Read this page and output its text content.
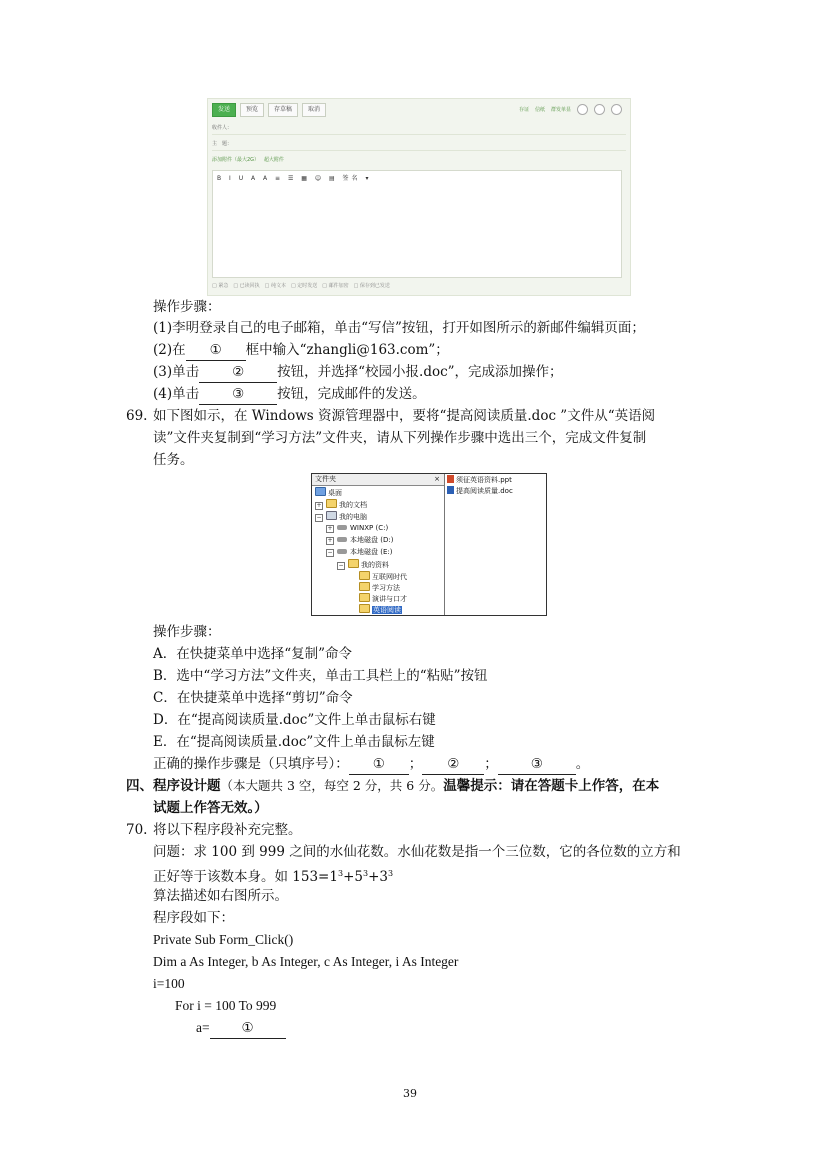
发送	预览	存草稿	取消	存证 信纸 群发单显
收件人：
主　题：
添加附件（最大2G） 超大附件
B I U A A ≡ ☰ ▦ ☺ ▤ 签名 ▾
□ 紧急　□ 已读回执　□ 纯文本　□ 定时发送　□ 邮件加密　□ 保存到已发送
操作步骤：
(1)李明登录自己的电子邮箱，单击“写信”按钮，打开如图所示的新邮件编辑页面；
(2)在 ① 框中输入“zhangli@163.com”；
(3)单击 ② 按钮，并选择“校园小报.doc”，完成添加操作；
(4)单击 ③ 按钮，完成邮件的发送。
69. 如下图如示，在 Windows 资源管理器中，要将“提高阅读质量.doc ”文件从“英语阅
读”文件夹复制到“学习方法”文件夹，请从下列操作步骤中选出三个，完成文件复制
任务。
文件夹	×
桌面
+ 我的文档
− 我的电脑
+ WINXP (C:)
+ 本地磁盘 (D:)
− 本地磁盘 (E:)
− 我的资料
互联网时代
学习方法
演讲与口才
英语阅读
须征英语资料.ppt
提高阅读质量.doc
操作步骤：
A．在快捷菜单中选择“复制”命令
B．选中“学习方法”文件夹，单击工具栏上的“粘贴”按钮
C．在快捷菜单中选择“剪切”命令
D．在“提高阅读质量.doc”文件上单击鼠标右键
E．在“提高阅读质量.doc”文件上单击鼠标左键
正确的操作步骤是（只填序号）： ① ； ② ； ③ 。
四、程序设计题（本大题共 3 空，每空 2 分，共 6 分。温馨提示：请在答题卡上作答，在本
试题上作答无效。）
70. 将以下程序段补充完整。
问题：求 100 到 999 之间的水仙花数。水仙花数是指一个三位数，它的各位数的立方和
正好等于该数本身。如 $153=1^3+5^3+3^3$
算法描述如右图所示。
程序段如下：
Private Sub Form_Click()
Dim a As Integer, b As Integer, c As Integer, i As Integer
i=100
For i = 100 To 999
a= ①
39
